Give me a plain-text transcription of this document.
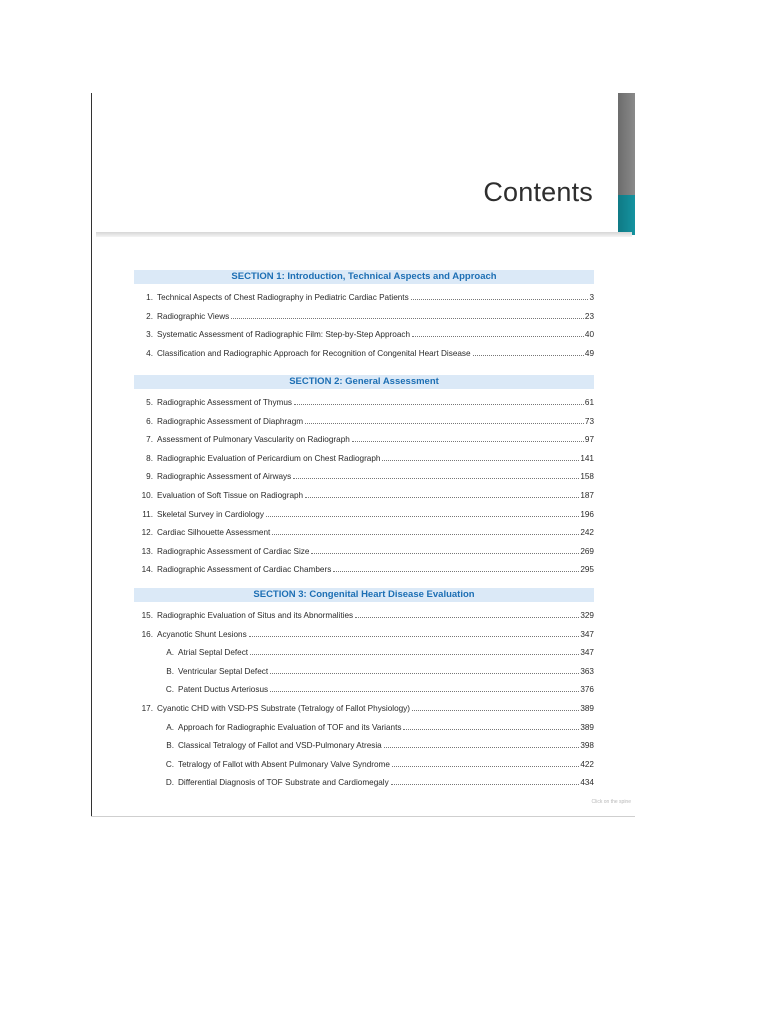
Contents
SECTION 1: Introduction, Technical Aspects and Approach
1. Technical Aspects of Chest Radiography in Pediatric Cardiac Patients	3
2. Radiographic Views	23
3. Systematic Assessment of Radiographic Film: Step-by-Step Approach	40
4. Classification and Radiographic Approach for Recognition of Congenital Heart Disease	49
SECTION 2: General Assessment
5. Radiographic Assessment of Thymus	61
6. Radiographic Assessment of Diaphragm	73
7. Assessment of Pulmonary Vascularity on Radiograph	97
8. Radiographic Evaluation of Pericardium on Chest Radiograph	141
9. Radiographic Assessment of Airways	158
10. Evaluation of Soft Tissue on Radiograph	187
11. Skeletal Survey in Cardiology	196
12. Cardiac Silhouette Assessment	242
13. Radiographic Assessment of Cardiac Size	269
14. Radiographic Assessment of Cardiac Chambers	295
SECTION 3: Congenital Heart Disease Evaluation
15. Radiographic Evaluation of Situs and its Abnormalities	329
16. Acyanotic Shunt Lesions	347
A. Atrial Septal Defect	347
B. Ventricular Septal Defect	363
C. Patent Ductus Arteriosus	376
17. Cyanotic CHD with VSD-PS Substrate (Tetralogy of Fallot Physiology)	389
A. Approach for Radiographic Evaluation of TOF and its Variants	389
B. Classical Tetralogy of Fallot and VSD-Pulmonary Atresia	398
C. Tetralogy of Fallot with Absent Pulmonary Valve Syndrome	422
D. Differential Diagnosis of TOF Substrate and Cardiomegaly	434
Click on the spine
